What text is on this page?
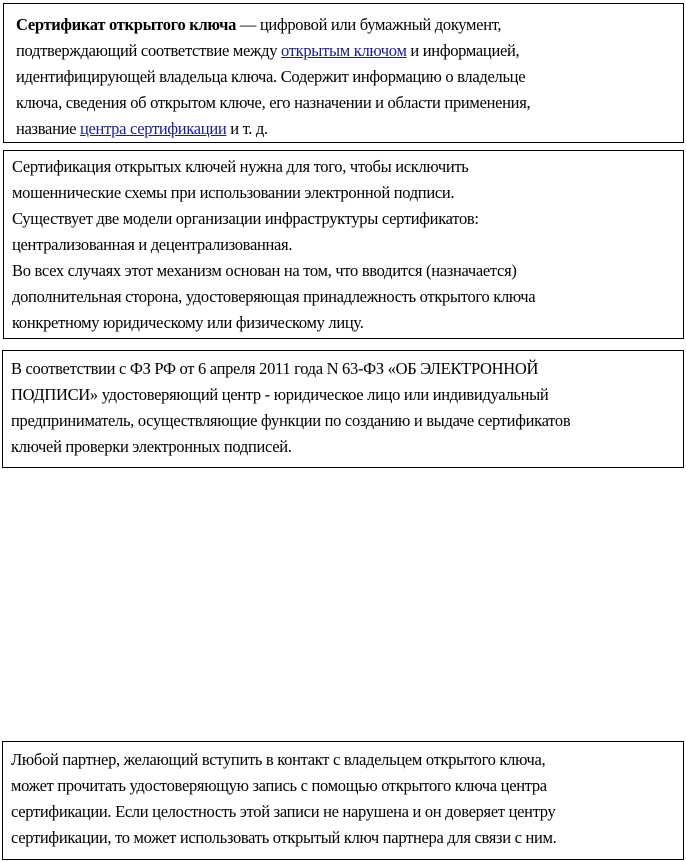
Сертификат открытого ключа — цифровой или бумажный документ,
подтверждающий соответствие между открытым ключом и информацией,
идентифицирующей владельца ключа. Содержит информацию о владельце
ключа, сведения об открытом ключе, его назначении и области применения,
название центра сертификации и т. д.
Сертификация открытых ключей нужна для того, чтобы исключить
мошеннические схемы при использовании электронной подписи.
Существует две модели организации инфраструктуры сертификатов:
централизованная и децентрализованная.
Во всех случаях этот механизм основан на том, что вводится (назначается)
дополнительная сторона, удостоверяющая принадлежность открытого ключа
конкретному юридическому или физическому лицу.
В соответствии с ФЗ РФ от 6 апреля 2011 года N 63-ФЗ «ОБ ЭЛЕКТРОННОЙ
ПОДПИСИ» удостоверяющий центр - юридическое лицо или индивидуальный
предприниматель, осуществляющие функции по созданию и выдаче сертификатов
ключей проверки электронных подписей.
Любой партнер, желающий вступить в контакт с владельцем открытого ключа,
может прочитать удостоверяющую запись с помощью открытого ключа центра
сертификации. Если целостность этой записи не нарушена и он доверяет центру
сертификации, то может использовать открытый ключ партнера для связи с ним.
